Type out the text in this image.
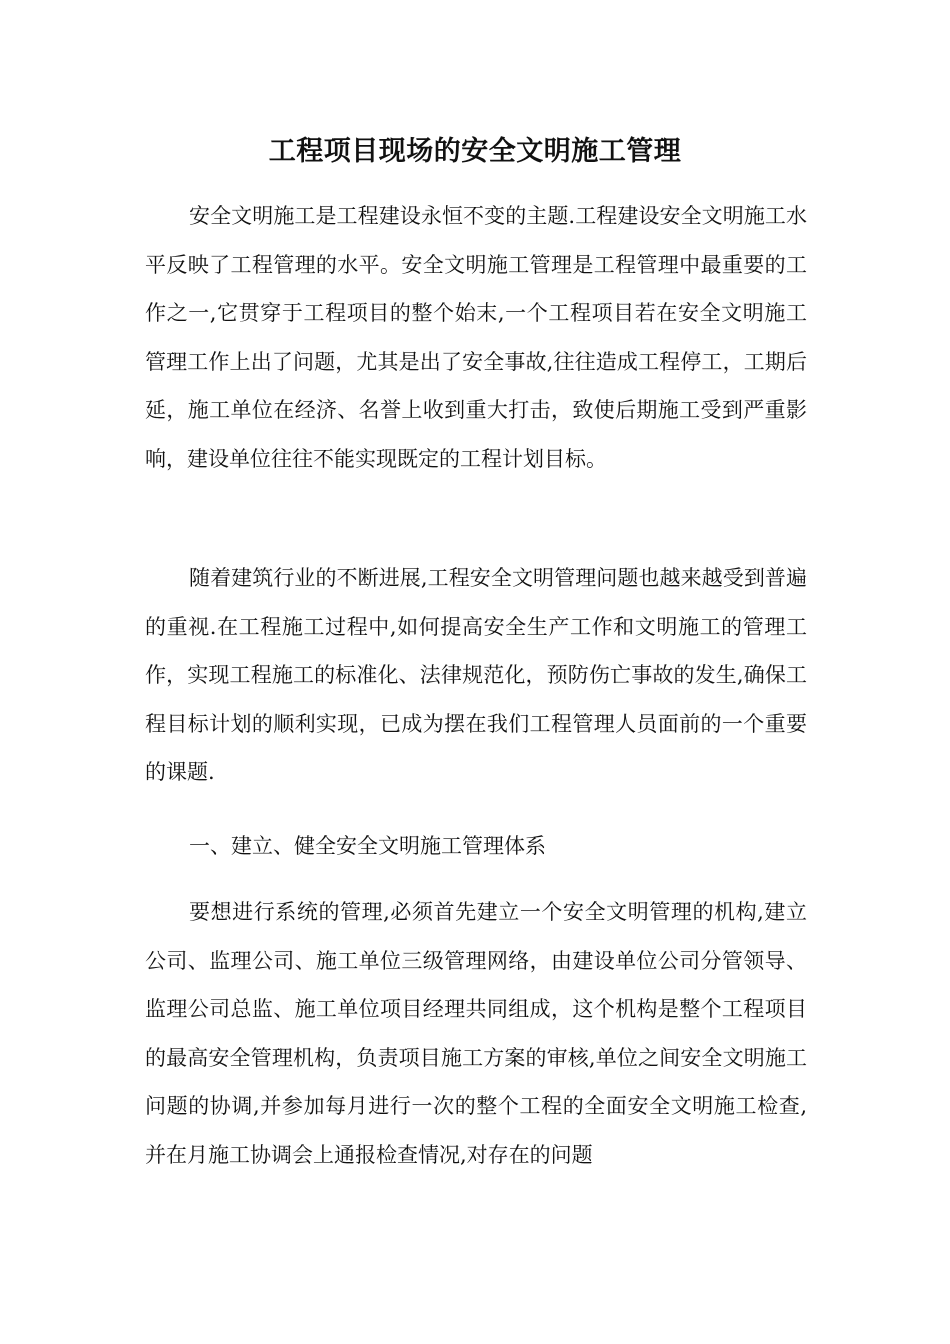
工程项目现场的安全文明施工管理

安全文明施工是工程建设永恒不变的主题.工程建设安全文明施工水平反映了工程管理的水平。安全文明施工管理是工程管理中最重要的工作之一,它贯穿于工程项目的整个始末,一个工程项目若在安全文明施工管理工作上出了问题，尤其是出了安全事故,往往造成工程停工，工期后延，施工单位在经济、名誉上收到重大打击，致使后期施工受到严重影响，建设单位往往不能实现既定的工程计划目标。

随着建筑行业的不断进展,工程安全文明管理问题也越来越受到普遍的重视.在工程施工过程中,如何提高安全生产工作和文明施工的管理工作，实现工程施工的标准化、法律规范化，预防伤亡事故的发生,确保工程目标计划的顺利实现，已成为摆在我们工程管理人员面前的一个重要的课题.

一、建立、健全安全文明施工管理体系

要想进行系统的管理,必须首先建立一个安全文明管理的机构,建立公司、监理公司、施工单位三级管理网络，由建设单位公司分管领导、监理公司总监、施工单位项目经理共同组成，这个机构是整个工程项目的最高安全管理机构，负责项目施工方案的审核,单位之间安全文明施工问题的协调,并参加每月进行一次的整个工程的全面安全文明施工检查,并在月施工协调会上通报检查情况,对存在的问题
